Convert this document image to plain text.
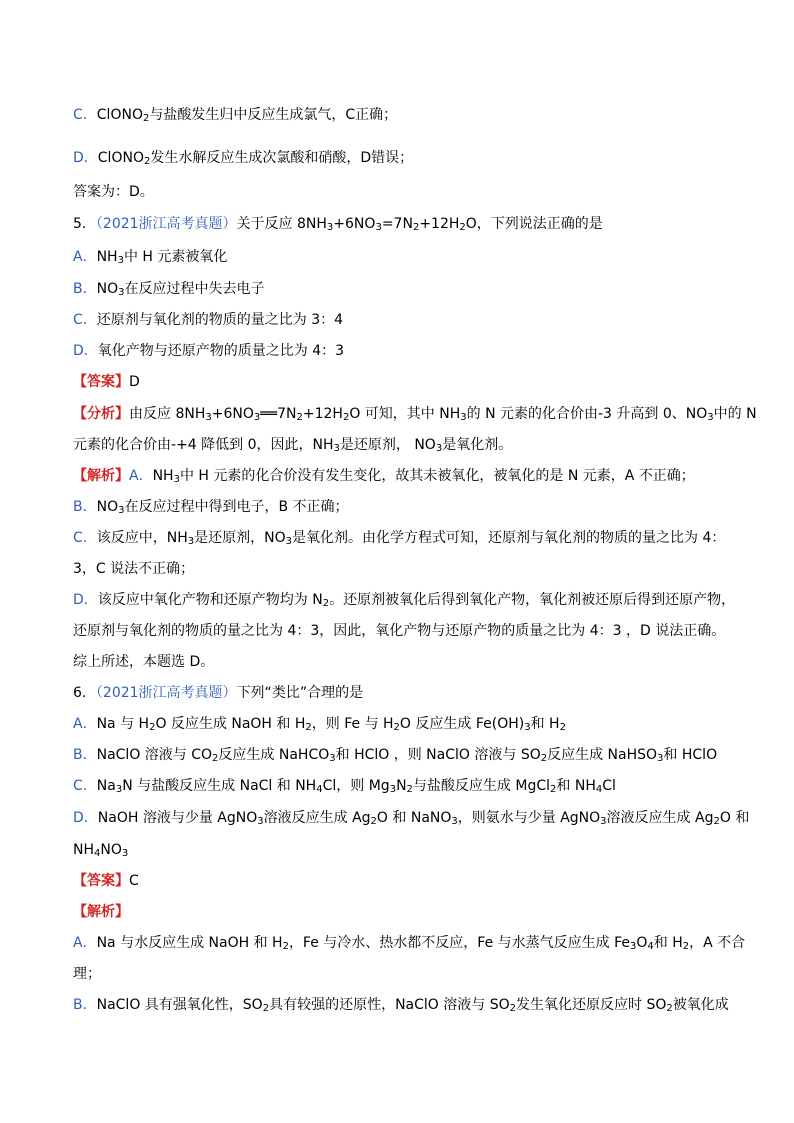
C．ClONO$_2$与盐酸发生归中反应生成氯气，C正确；
D．ClONO$_2$发生水解反应生成次氯酸和硝酸，D错误；
答案为：D。
5．（2021浙江高考真题）关于反应 $8NH_3+6NO_3=7N_2+12H_2O$，下列说法正确的是
A．$NH_3$中 H 元素被氧化
B．$NO_3$在反应过程中失去电子
C．还原剂与氧化剂的物质的量之比为 3：4
D．氧化产物与还原产物的质量之比为 4：3
【答案】D
【分析】由反应 $8NH_3+6NO_3══7N_2+12H_2O$ 可知，其中 $NH_3$的 N 元素的化合价由-3 升高到 0、$NO_3$中的 N
元素的化合价由-+4 降低到 0，因此，$NH_3$是还原剂， $NO_3$是氧化剂。
【解析】A．$NH_3$中 H 元素的化合价没有发生变化，故其未被氧化，被氧化的是 N 元素，A 不正确；
B．$NO_3$在反应过程中得到电子，B 不正确；
C．该反应中，$NH_3$是还原剂，$NO_3$是氧化剂。由化学方程式可知，还原剂与氧化剂的物质的量之比为 4：
3，C 说法不正确；
D．该反应中氧化产物和还原产物均为 $N_2$。还原剂被氧化后得到氧化产物，氧化剂被还原后得到还原产物，
还原剂与氧化剂的物质的量之比为 4：3，因此，氧化产物与还原产物的质量之比为 4：3 ，D 说法正确。
综上所述，本题选 D。
6．（2021浙江高考真题）下列“类比”合理的是
A．Na 与 $H_2O$ 反应生成 NaOH 和 $H_2$，则 Fe 与 $H_2O$ 反应生成 $Fe(OH)_3$和 $H_2$
B．NaClO 溶液与 $CO_2$反应生成 NaHCO$_3$和 HClO ，则 NaClO 溶液与 $SO_2$反应生成 NaHSO$_3$和 HClO
C．$Na_3N$ 与盐酸反应生成 NaCl 和 $NH_4Cl$，则 $Mg_3N_2$与盐酸反应生成 MgCl$_2$和 $NH_4Cl$
D．NaOH 溶液与少量 AgNO$_3$溶液反应生成 $Ag_2O$ 和 NaNO$_3$，则氨水与少量 AgNO$_3$溶液反应生成 $Ag_2O$ 和
$NH_4NO_3$
【答案】C
【解析】
A．Na 与水反应生成 NaOH 和 $H_2$，Fe 与冷水、热水都不反应，Fe 与水蒸气反应生成 $Fe_3O_4$和 $H_2$，A 不合
理；
B．NaClO 具有强氧化性，$SO_2$具有较强的还原性，NaClO 溶液与 $SO_2$发生氧化还原反应时 $SO_2$被氧化成
